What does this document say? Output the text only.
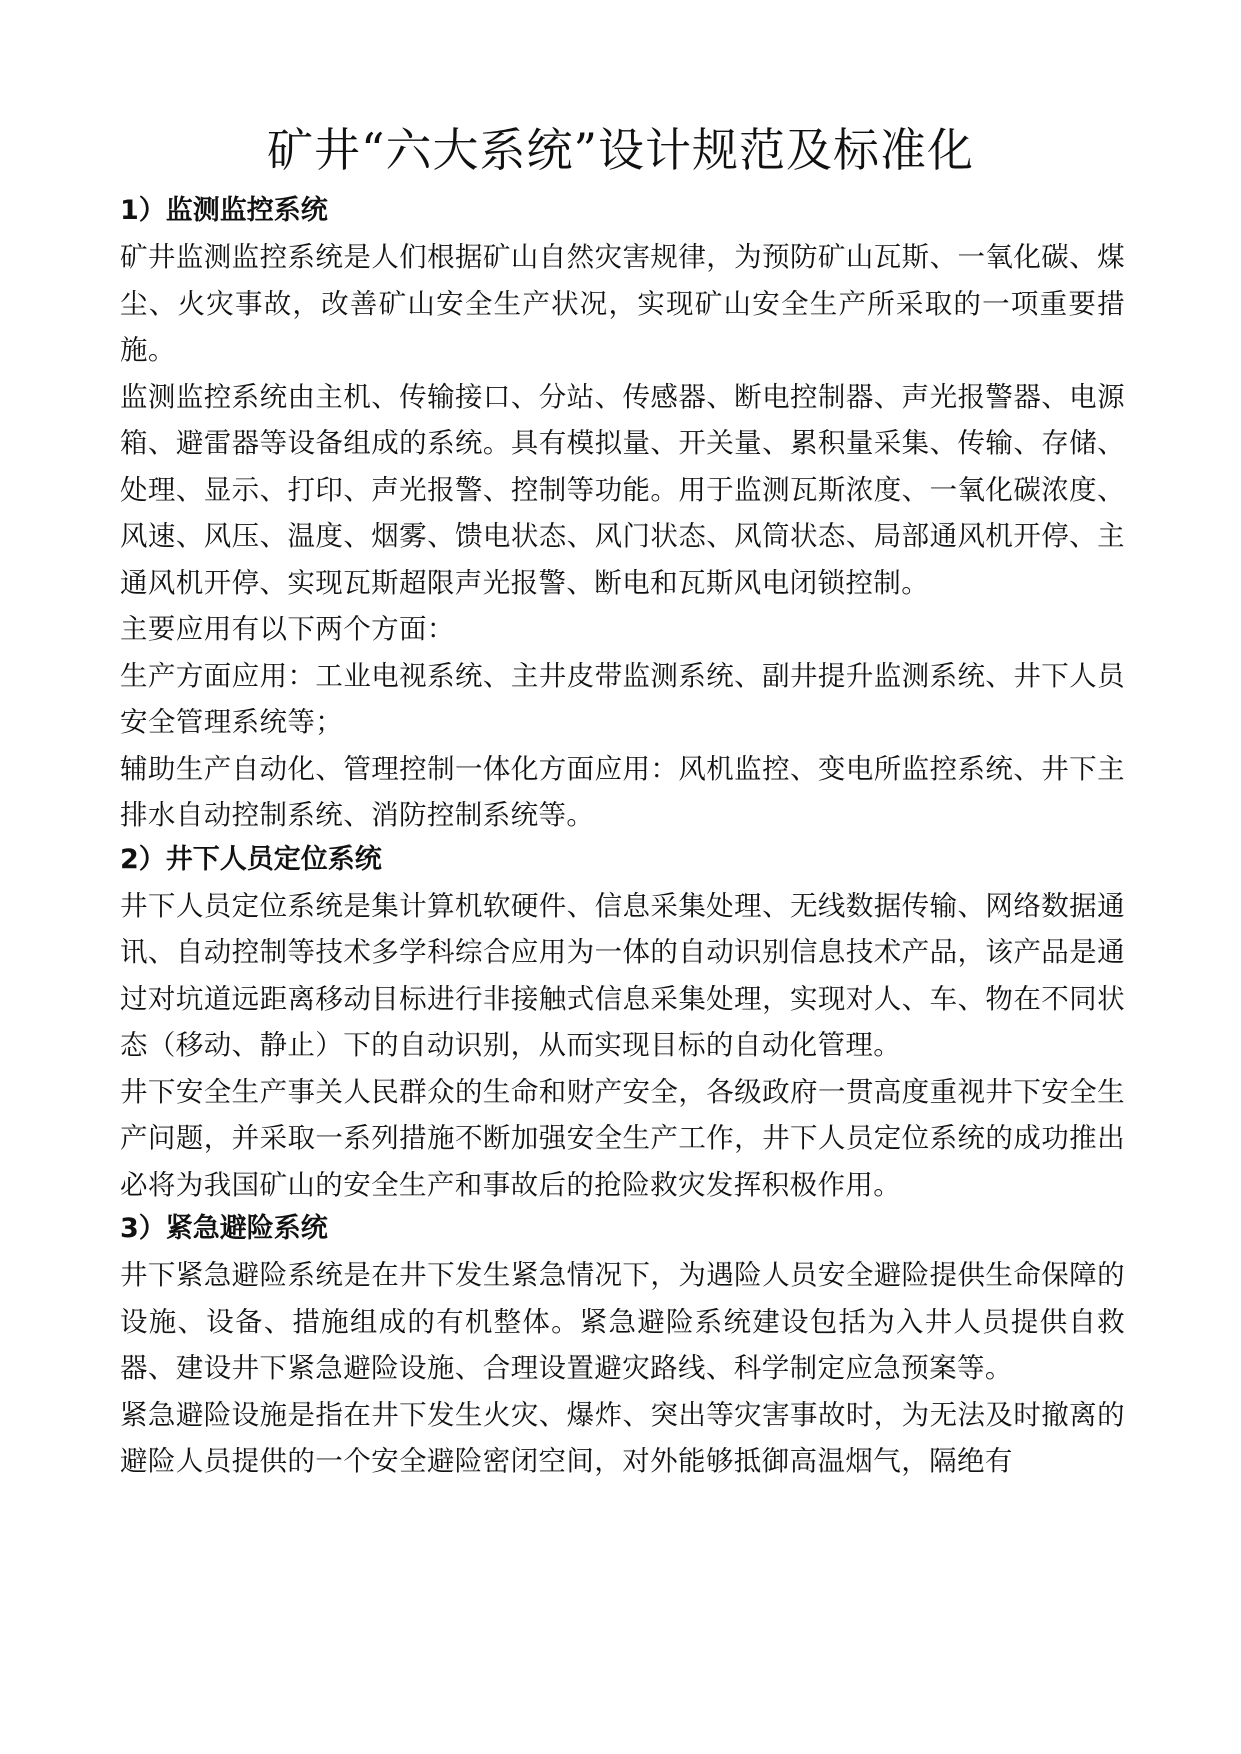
矿井“六大系统”设计规范及标准化
1）监测监控系统

矿井监测监控系统是人们根据矿山自然灾害规律，为预防矿山瓦斯、一氧化碳、煤尘、火灾事故，改善矿山安全生产状况，实现矿山安全生产所采取的一项重要措施。

监测监控系统由主机、传输接口、分站、传感器、断电控制器、声光报警器、电源箱、避雷器等设备组成的系统。具有模拟量、开关量、累积量采集、传输、存储、处理、显示、打印、声光报警、控制等功能。用于监测瓦斯浓度、一氧化碳浓度、风速、风压、温度、烟雾、馈电状态、风门状态、风筒状态、局部通风机开停、主通风机开停、实现瓦斯超限声光报警、断电和瓦斯风电闭锁控制。

主要应用有以下两个方面：

生产方面应用：工业电视系统、主井皮带监测系统、副井提升监测系统、井下人员安全管理系统等；

辅助生产自动化、管理控制一体化方面应用：风机监控、变电所监控系统、井下主排水自动控制系统、消防控制系统等。

2）井下人员定位系统

井下人员定位系统是集计算机软硬件、信息采集处理、无线数据传输、网络数据通讯、自动控制等技术多学科综合应用为一体的自动识别信息技术产品，该产品是通过对坑道远距离移动目标进行非接触式信息采集处理，实现对人、车、物在不同状态（移动、静止）下的自动识别，从而实现目标的自动化管理。

井下安全生产事关人民群众的生命和财产安全，各级政府一贯高度重视井下安全生产问题，并采取一系列措施不断加强安全生产工作，井下人员定位系统的成功推出必将为我国矿山的安全生产和事故后的抢险救灾发挥积极作用。

3）紧急避险系统

井下紧急避险系统是在井下发生紧急情况下，为遇险人员安全避险提供生命保障的设施、设备、措施组成的有机整体。紧急避险系统建设包括为入井人员提供自救器、建设井下紧急避险设施、合理设置避灾路线、科学制定应急预案等。

紧急避险设施是指在井下发生火灾、爆炸、突出等灾害事故时，为无法及时撤离的避险人员提供的一个安全避险密闭空间，对外能够抵御高温烟气，隔绝有
